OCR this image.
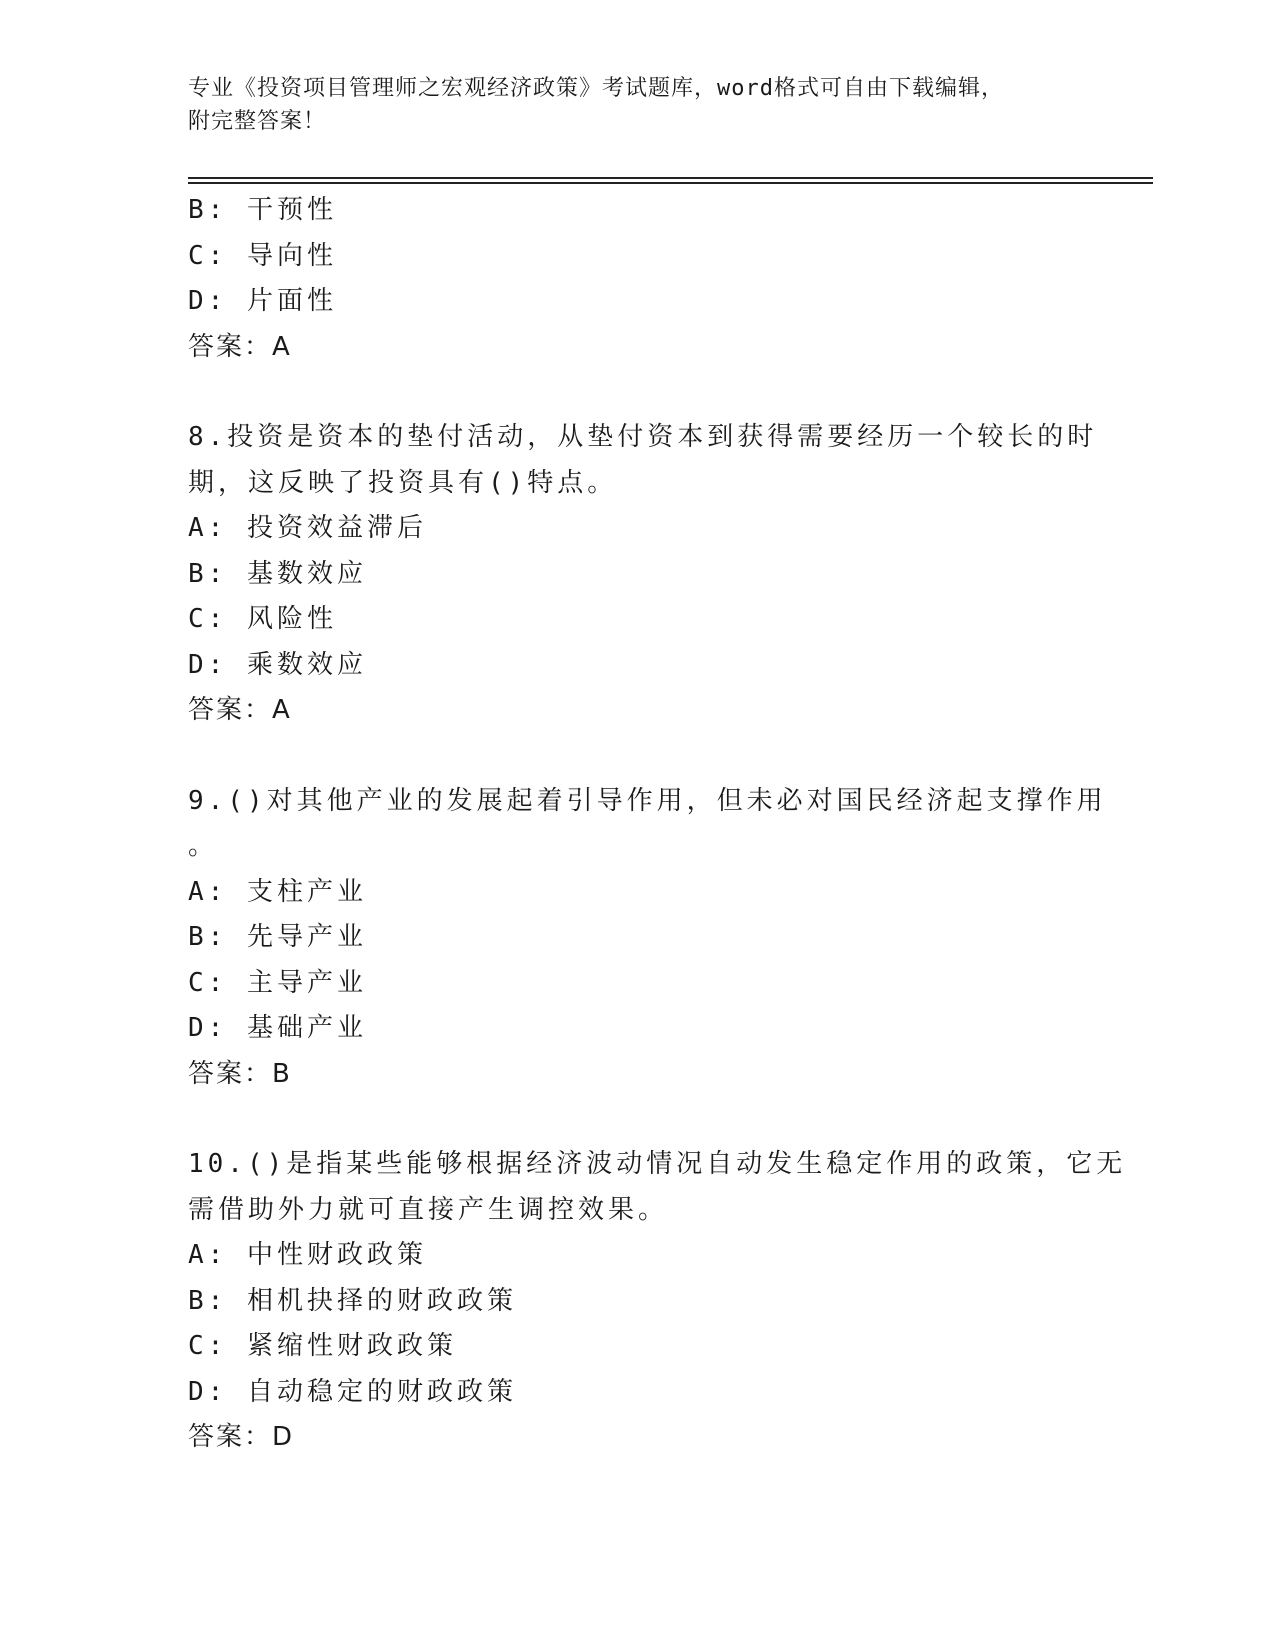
专业《投资项目管理师之宏观经济政策》考试题库，word格式可自由下载编辑，
附完整答案！
B: 干预性
C: 导向性
D: 片面性
答案：A
8.投资是资本的垫付活动，从垫付资本到获得需要经历一个较长的时
期，这反映了投资具有()特点。
A: 投资效益滞后
B: 基数效应
C: 风险性
D: 乘数效应
答案：A
9.()对其他产业的发展起着引导作用，但未必对国民经济起支撑作用
。
A: 支柱产业
B: 先导产业
C: 主导产业
D: 基础产业
答案：B
10.()是指某些能够根据经济波动情况自动发生稳定作用的政策，它无
需借助外力就可直接产生调控效果。
A: 中性财政政策
B: 相机抉择的财政政策
C: 紧缩性财政政策
D: 自动稳定的财政政策
答案：D
